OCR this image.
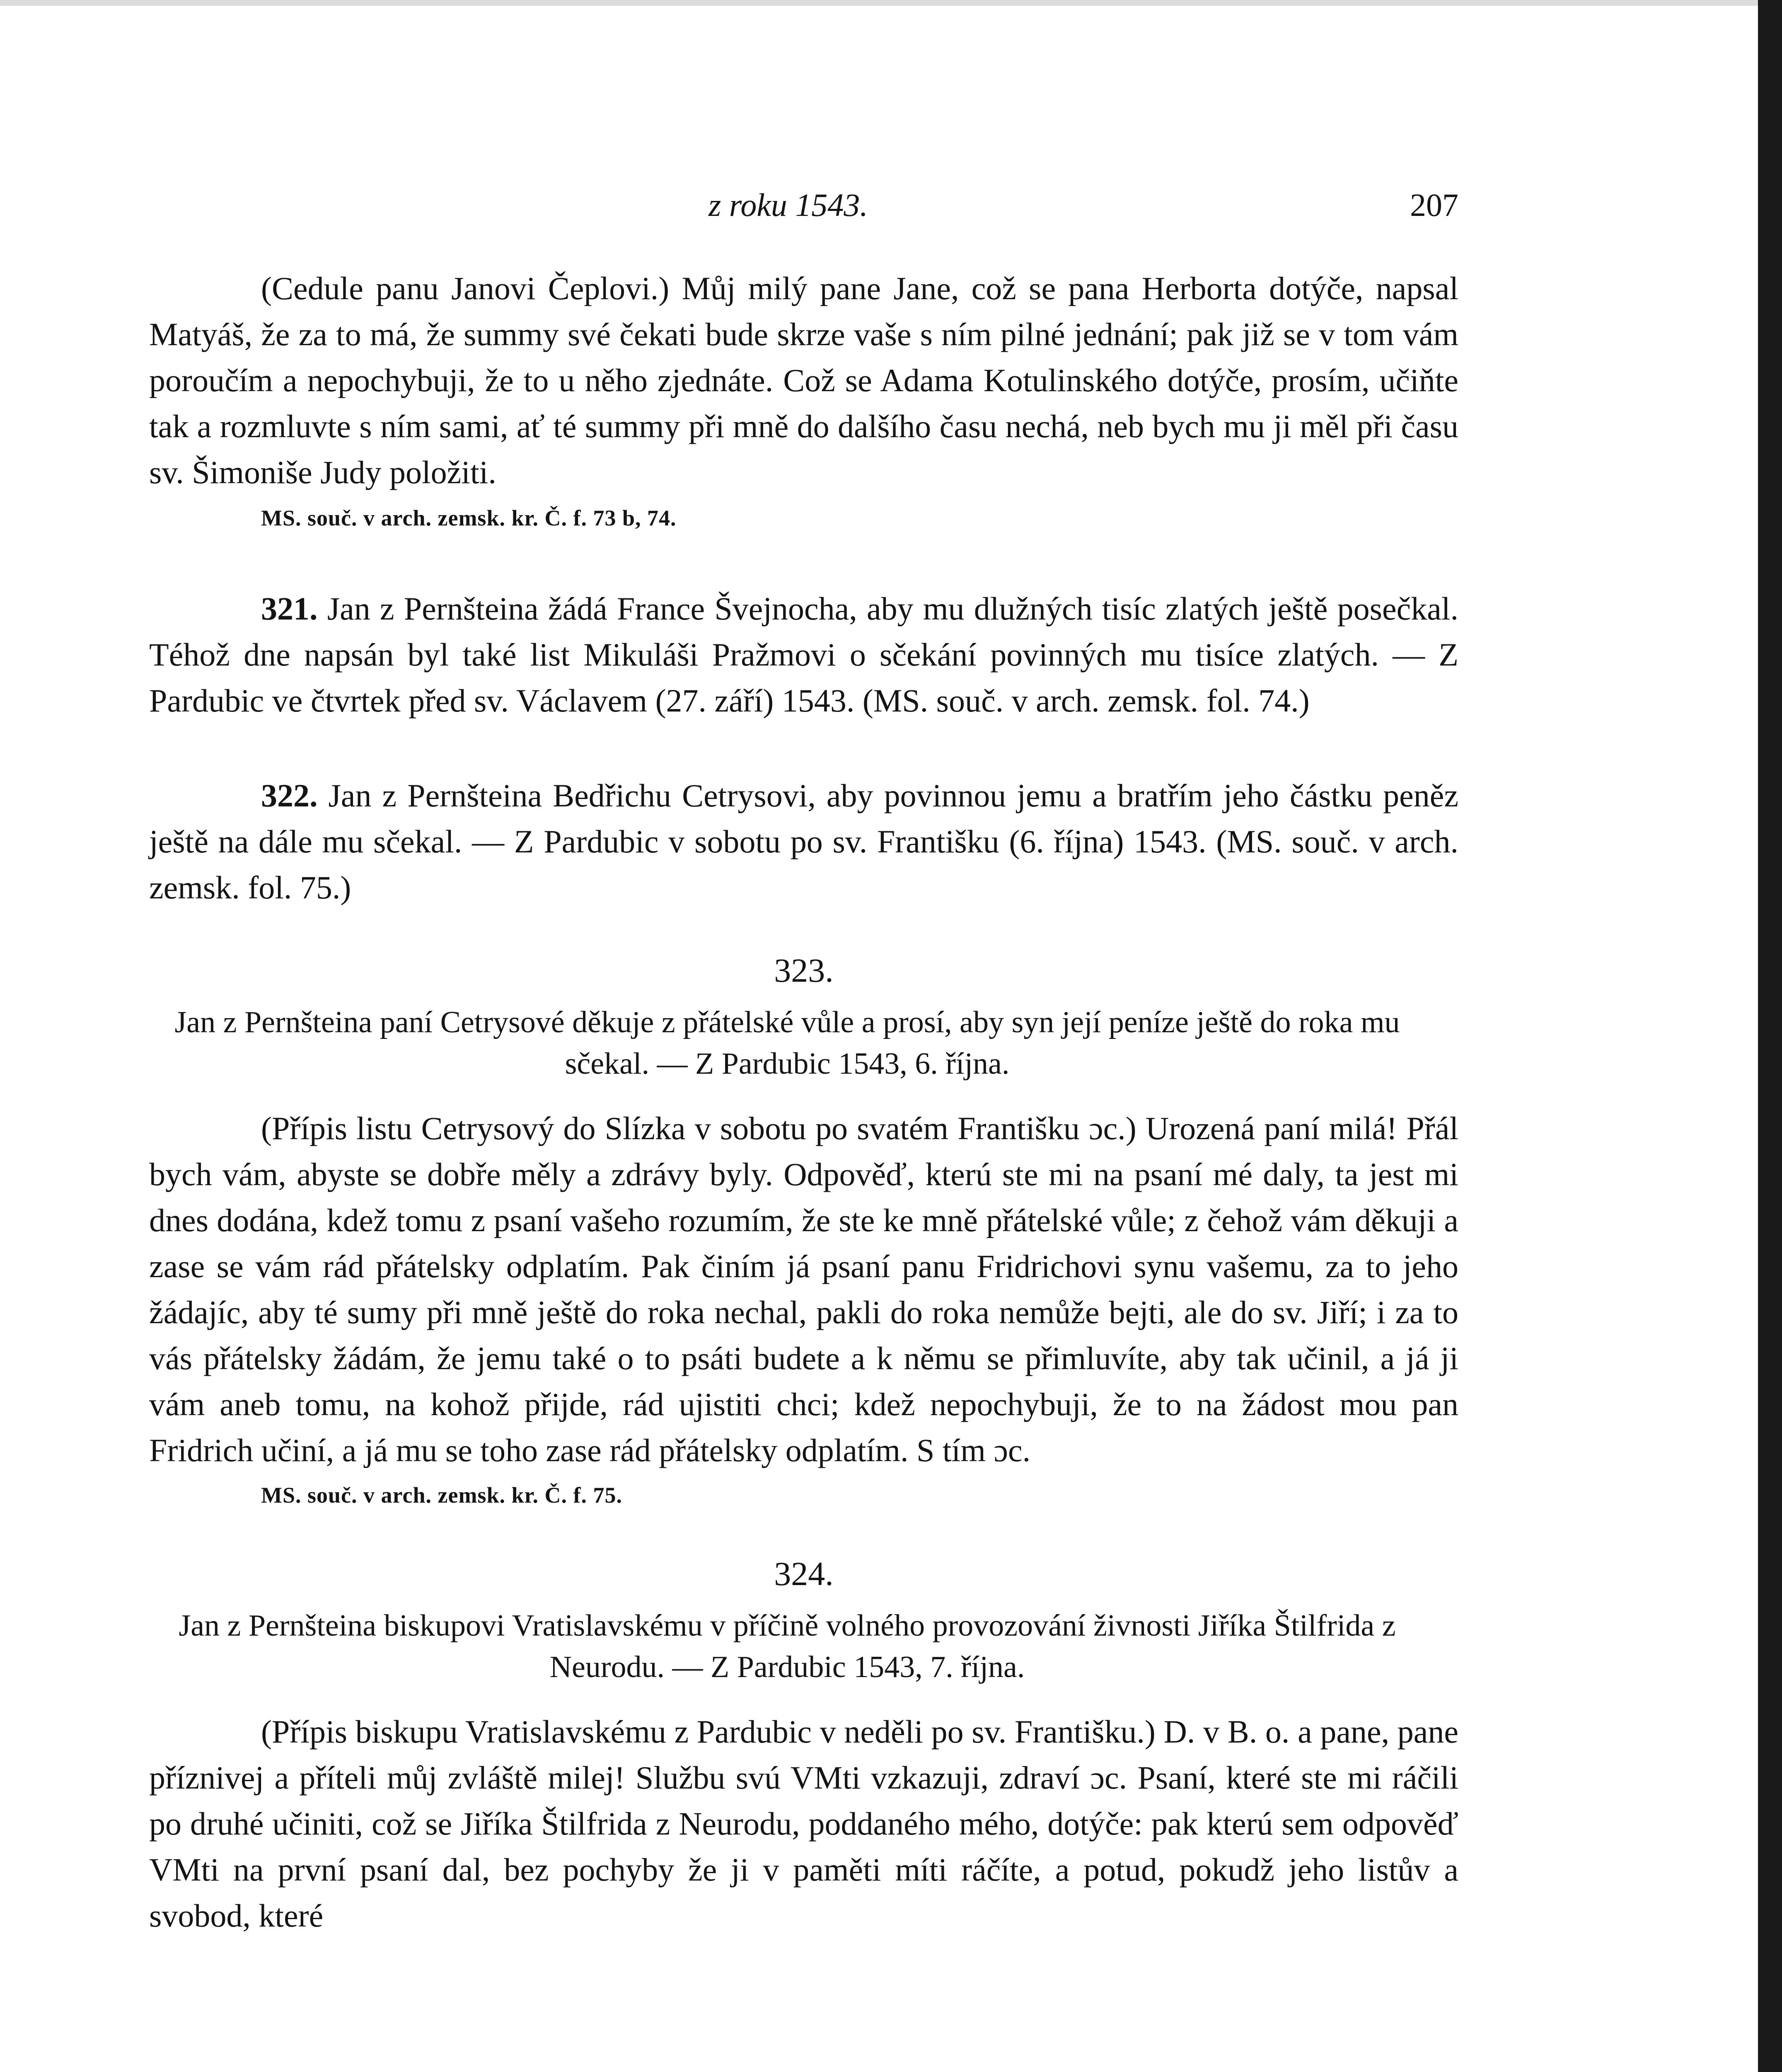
z roku 1543.	207

(Cedule panu Janovi Čeplovi.) Můj milý pane Jane, což se pana Herborta dotýče, napsal Matyáš, že za to má, že summy své čekati bude skrze vaše s ním pilné jednání; pak již se v tom vám poroučím a nepochybuji, že to u něho zjednáte. Což se Adama Kotulinského dotýče, prosím, učiňte tak a rozmluvte s ním sami, ať té summy při mně do dalšího času nechá, neb bych mu ji měl při času sv. Šimoniše Judy položiti.

MS. souč. v arch. zemsk. kr. Č. f. 73 b, 74.

321. Jan z Pernšteina žádá France Švejnocha, aby mu dlužných tisíc zlatých ještě posečkal. Téhož dne napsán byl také list Mikuláši Pražmovi o sčekání povinných mu tisíce zlatých. — Z Pardubic ve čtvrtek před sv. Václavem (27. září) 1543. (MS. souč. v arch. zemsk. fol. 74.)

322. Jan z Pernšteina Bedřichu Cetrysovi, aby povinnou jemu a bratřím jeho částku peněz ještě na dále mu sčekal. — Z Pardubic v sobotu po sv. Františku (6. října) 1543. (MS. souč. v arch. zemsk. fol. 75.)

323.
Jan z Pernšteina paní Cetrysové děkuje z přátelské vůle a prosí, aby syn její peníze ještě do roka mu sčekal. — Z Pardubic 1543, 6. října.

(Přípis listu Cetrysový do Slízka v sobotu po svatém Františku ɔc.) Urozená paní milá! Přál bych vám, abyste se dobře měly a zdrávy byly. Odpověď, kterú ste mi na psaní mé daly, ta jest mi dnes dodána, kdež tomu z psaní vašeho rozumím, že ste ke mně přátelské vůle; z čehož vám děkuji a zase se vám rád přátelsky odplatím. Pak činím já psaní panu Fridrichovi synu vašemu, za to jeho žádajíc, aby té sumy při mně ještě do roka nechal, pakli do roka nemůže bejti, ale do sv. Jiří; i za to vás přátelsky žádám, že jemu také o to psáti budete a k němu se přimluvíte, aby tak učinil, a já ji vám aneb tomu, na kohož přijde, rád ujistiti chci; kdež nepochybuji, že to na žádost mou pan Fridrich učiní, a já mu se toho zase rád přátelsky odplatím. S tím ɔc.

MS. souč. v arch. zemsk. kr. Č. f. 75.
324.
Jan z Pernšteina biskupovi Vratislavskému v příčině volného provozování živnosti Jiříka Štilfrida z Neurodu. — Z Pardubic 1543, 7. října.

(Přípis biskupu Vratislavskému z Pardubic v neděli po sv. Františku.) D. v B. o. a pane, pane příznivej a příteli můj zvláště milej! Službu svú VMti vzkazuji, zdraví ɔc. Psaní, které ste mi ráčili po druhé učiniti, což se Jiříka Štilfrida z Neurodu, poddaného mého, dotýče: pak kterú sem odpověď VMti na první psaní dal, bez pochyby že ji v paměti míti ráčíte, a potud, pokudž jeho listův a svobod, které
